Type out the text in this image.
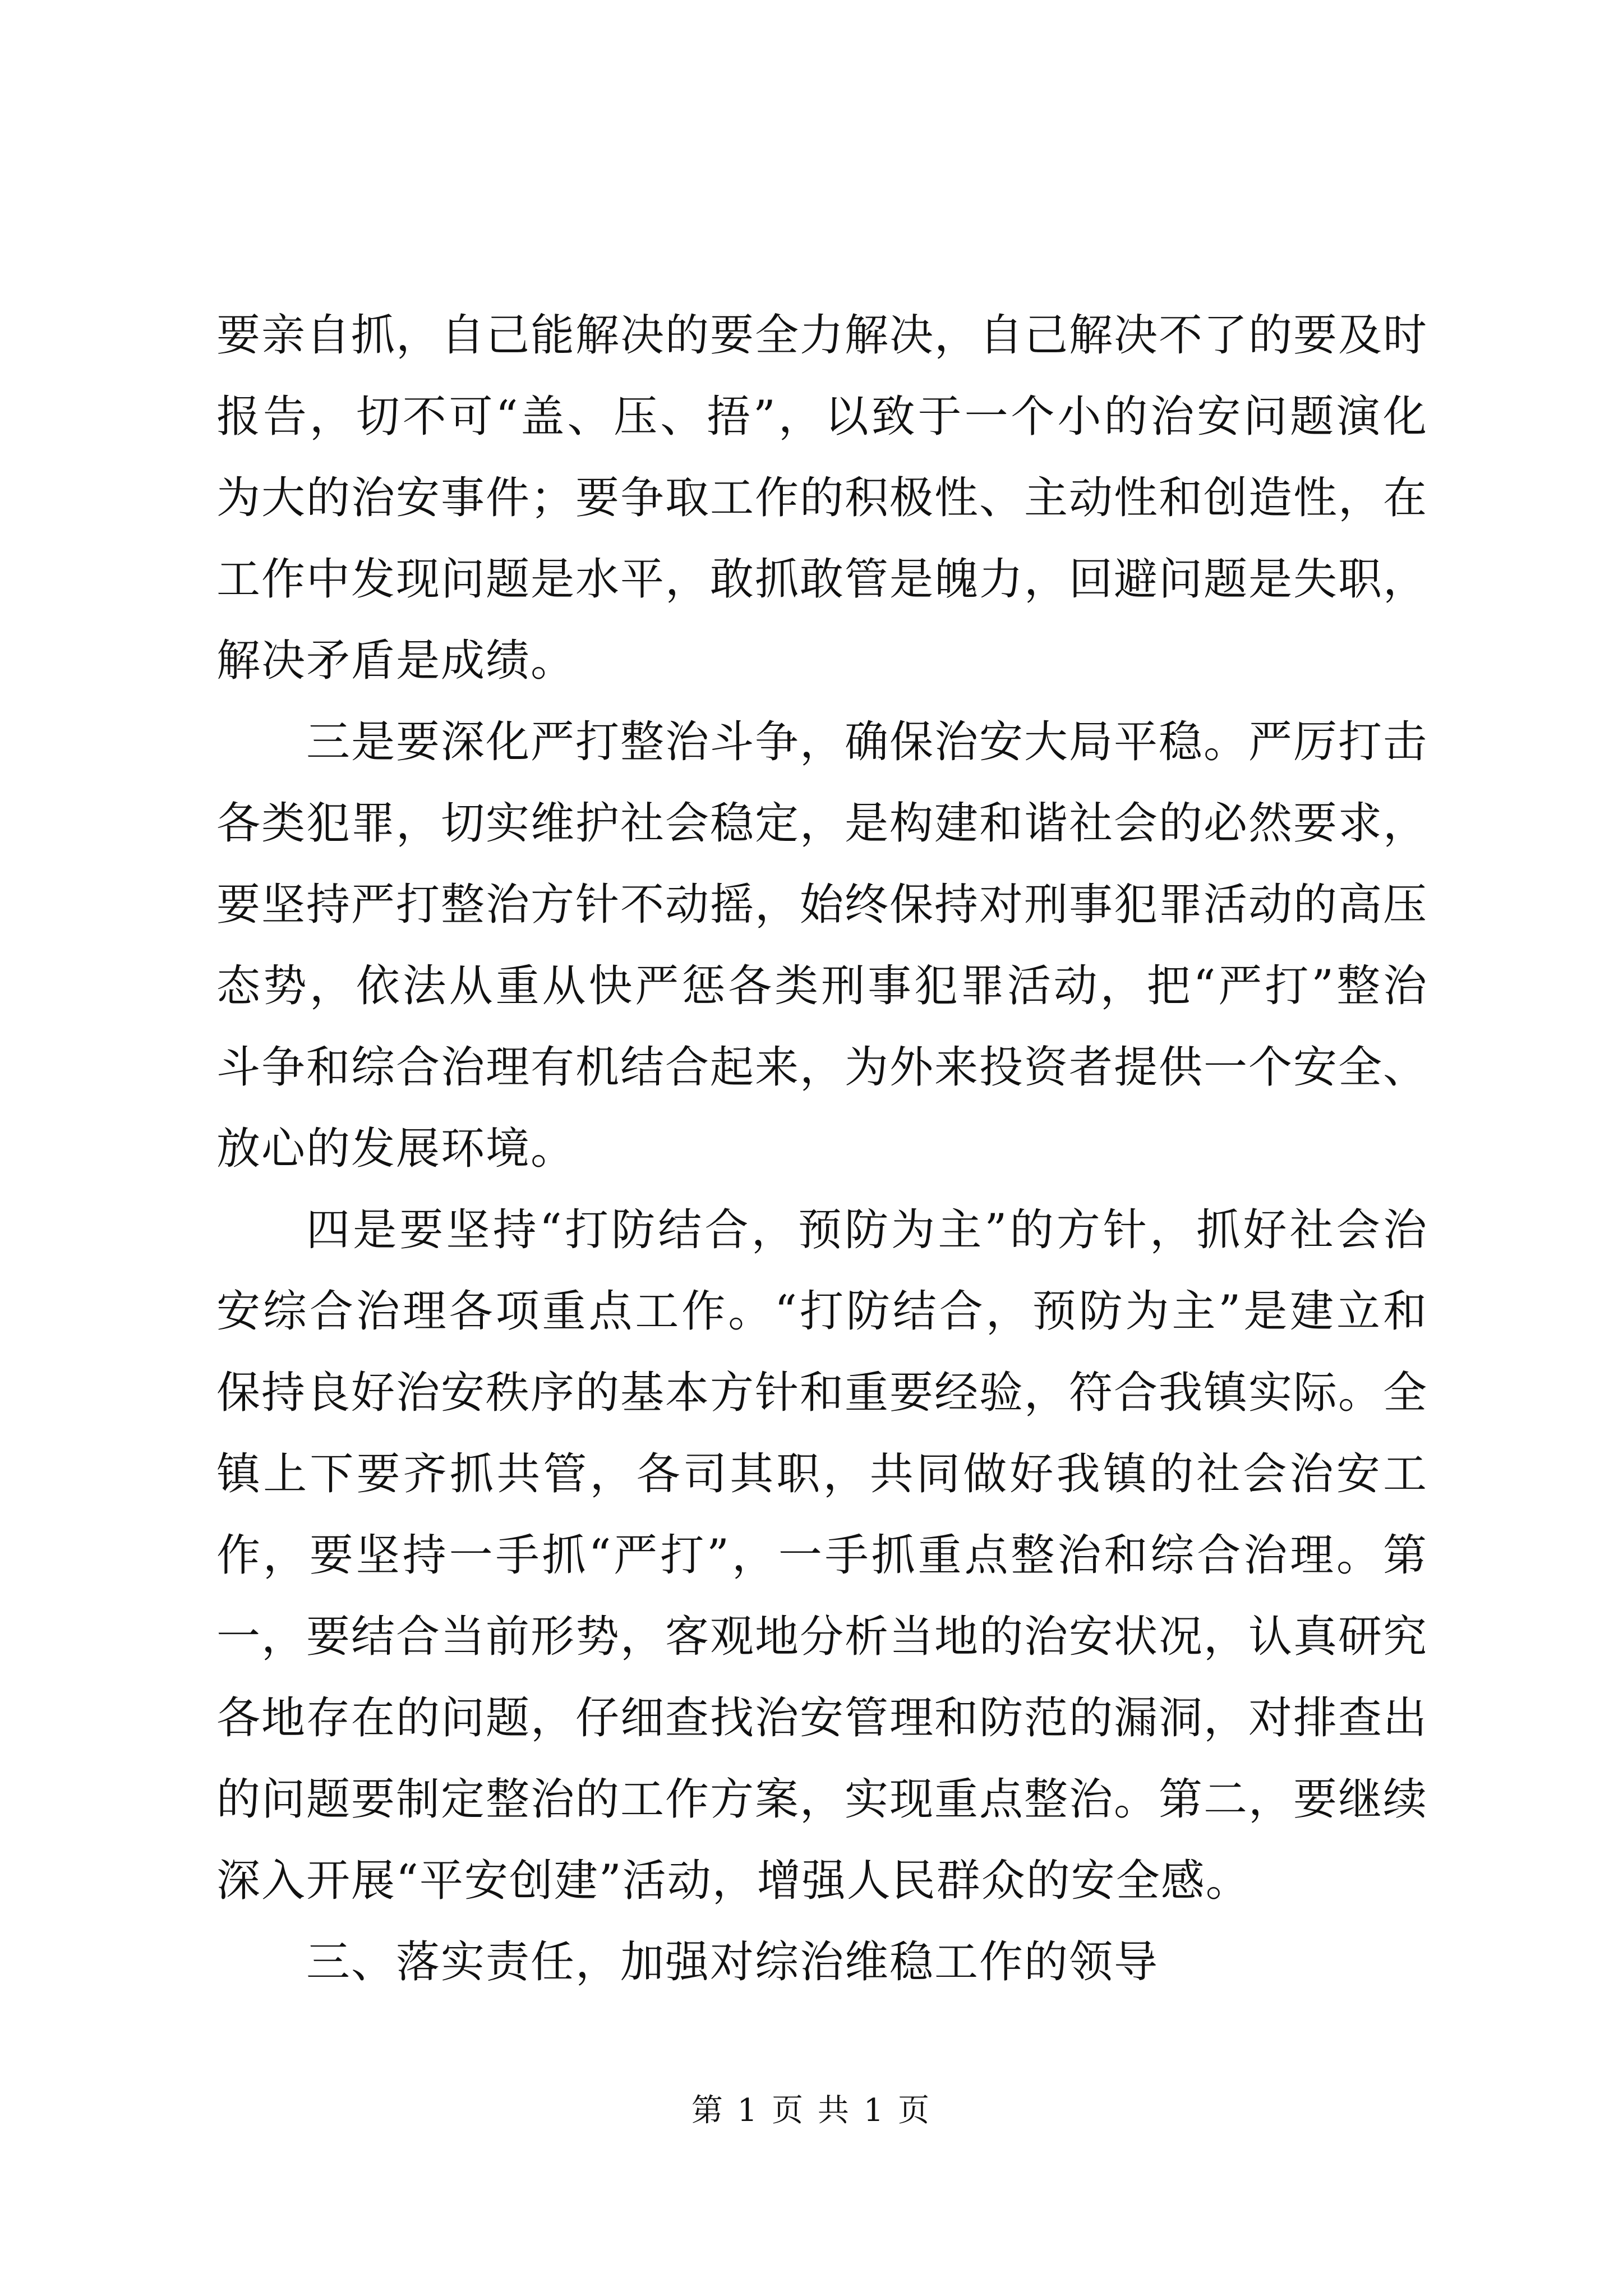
要亲自抓，自己能解决的要全力解决，自己解决不了的要及时报告，切不可“盖、压、捂”，以致于一个小的治安问题演化为大的治安事件；要争取工作的积极性、主动性和创造性，在工作中发现问题是水平，敢抓敢管是魄力，回避问题是失职，解决矛盾是成绩。

三是要深化严打整治斗争，确保治安大局平稳。严厉打击各类犯罪，切实维护社会稳定，是构建和谐社会的必然要求，要坚持严打整治方针不动摇，始终保持对刑事犯罪活动的高压态势，依法从重从快严惩各类刑事犯罪活动，把“严打”整治斗争和综合治理有机结合起来，为外来投资者提供一个安全、放心的发展环境。

四是要坚持“打防结合，预防为主”的方针，抓好社会治安综合治理各项重点工作。“打防结合，预防为主”是建立和保持良好治安秩序的基本方针和重要经验，符合我镇实际。全镇上下要齐抓共管，各司其职，共同做好我镇的社会治安工作，要坚持一手抓“严打”，一手抓重点整治和综合治理。第一，要结合当前形势，客观地分析当地的治安状况，认真研究各地存在的问题，仔细查找治安管理和防范的漏洞，对排查出的问题要制定整治的工作方案，实现重点整治。第二，要继续深入开展“平安创建”活动，增强人民群众的安全感。

三、落实责任，加强对综治维稳工作的领导

第 1 页 共 1 页
